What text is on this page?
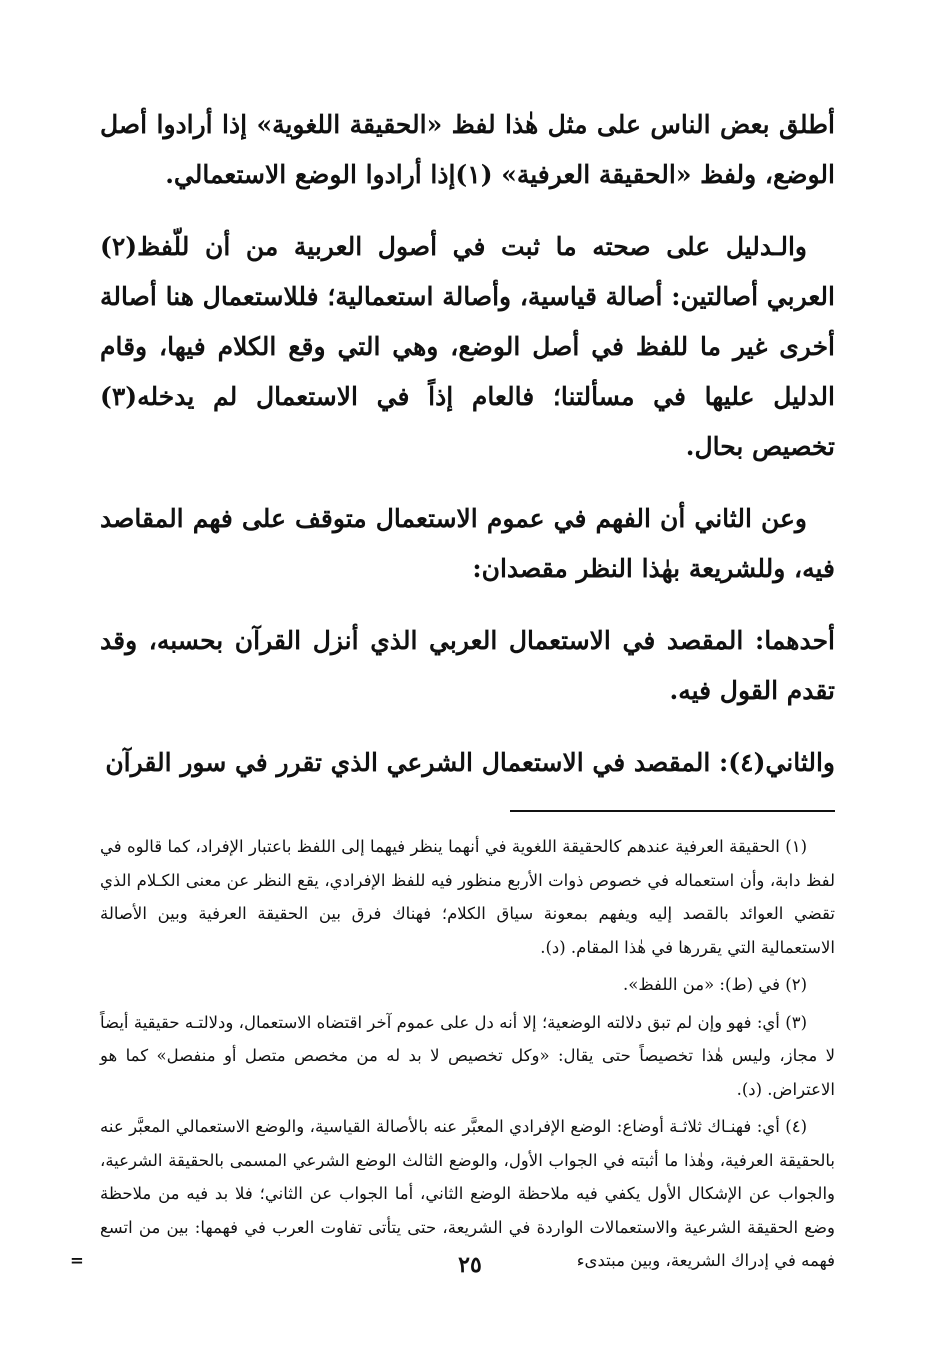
أطلق بعض الناس على مثل هٰذا لفظ «الحقيقة اللغوية» إذا أرادوا أصل الوضع، ولفظ «الحقيقة العرفية» (١)إذا أرادوا الوضع الاستعمالي.

والـدليل على صحته ما ثبت في أصول العربية من أن للّفظ(٢) العربي أصالتين: أصالة قياسية، وأصالة استعمالية؛ فللاستعمال هنا أصالة أخرى غير ما للفظ في أصل الوضع، وهي التي وقع الكلام فيها، وقام الدليل عليها في مسألتنا؛ فالعام إذاً في الاستعمال لم يدخله(٣) تخصيص بحال.

وعن الثاني أن الفهم في عموم الاستعمال متوقف على فهم المقاصد فيه، وللشريعة بهٰذا النظر مقصدان:

أحدهما: المقصد في الاستعمال العربي الذي أنزل القرآن بحسبه، وقد تقدم القول فيه.

والثاني(٤): المقصد في الاستعمال الشرعي الذي تقرر في سور القرآن

(١) الحقيقة العرفية عندهم كالحقيقة اللغوية في أنهما ينظر فيهما إلى اللفظ باعتبار الإفراد، كما قالوه في لفظ دابة، وأن استعماله في خصوص ذوات الأربع منظور فيه للفظ الإفرادي، يقع النظر عن معنى الكـلام الذي تقضي العوائد بالقصد إليه ويفهم بمعونة سياق الكلام؛ فهناك فرق بين الحقيقة العرفية وبين الأصالة الاستعمالية التي يقررها في هٰذا المقام. (د).

(٢) في (ط): «من اللفظ».

(٣) أي: فهو وإن لم تبق دلالته الوضعية؛ إلا أنه دل على عموم آخر اقتضاه الاستعمال، ودلالتـه حقيقية أيضاً لا مجاز، وليس هٰذا تخصيصاً حتى يقال: «وكل تخصيص لا بد له من مخصص متصل أو منفصل» كما هو الاعتراض. (د).

(٤) أي: فهنـاك ثلاثـة أوضاع: الوضع الإفرادي المعبَّر عنه بالأصالة القياسية، والوضع الاستعمالي المعبَّر عنه بالحقيقة العرفية، وهٰذا ما أثبته في الجواب الأول، والوضع الثالث الوضع الشرعي المسمى بالحقيقة الشرعية، والجواب عن الإشكال الأول يكفي فيه ملاحظة الوضع الثاني، أما الجواب عن الثاني؛ فلا بد فيه من ملاحظة وضع الحقيقة الشرعية والاستعمالات الواردة في الشريعة، حتى يتأتى تفاوت العرب في فهمها: بين من اتسع فهمه في إدراك الشريعة، وبين مبتدىء
=	٢٥
